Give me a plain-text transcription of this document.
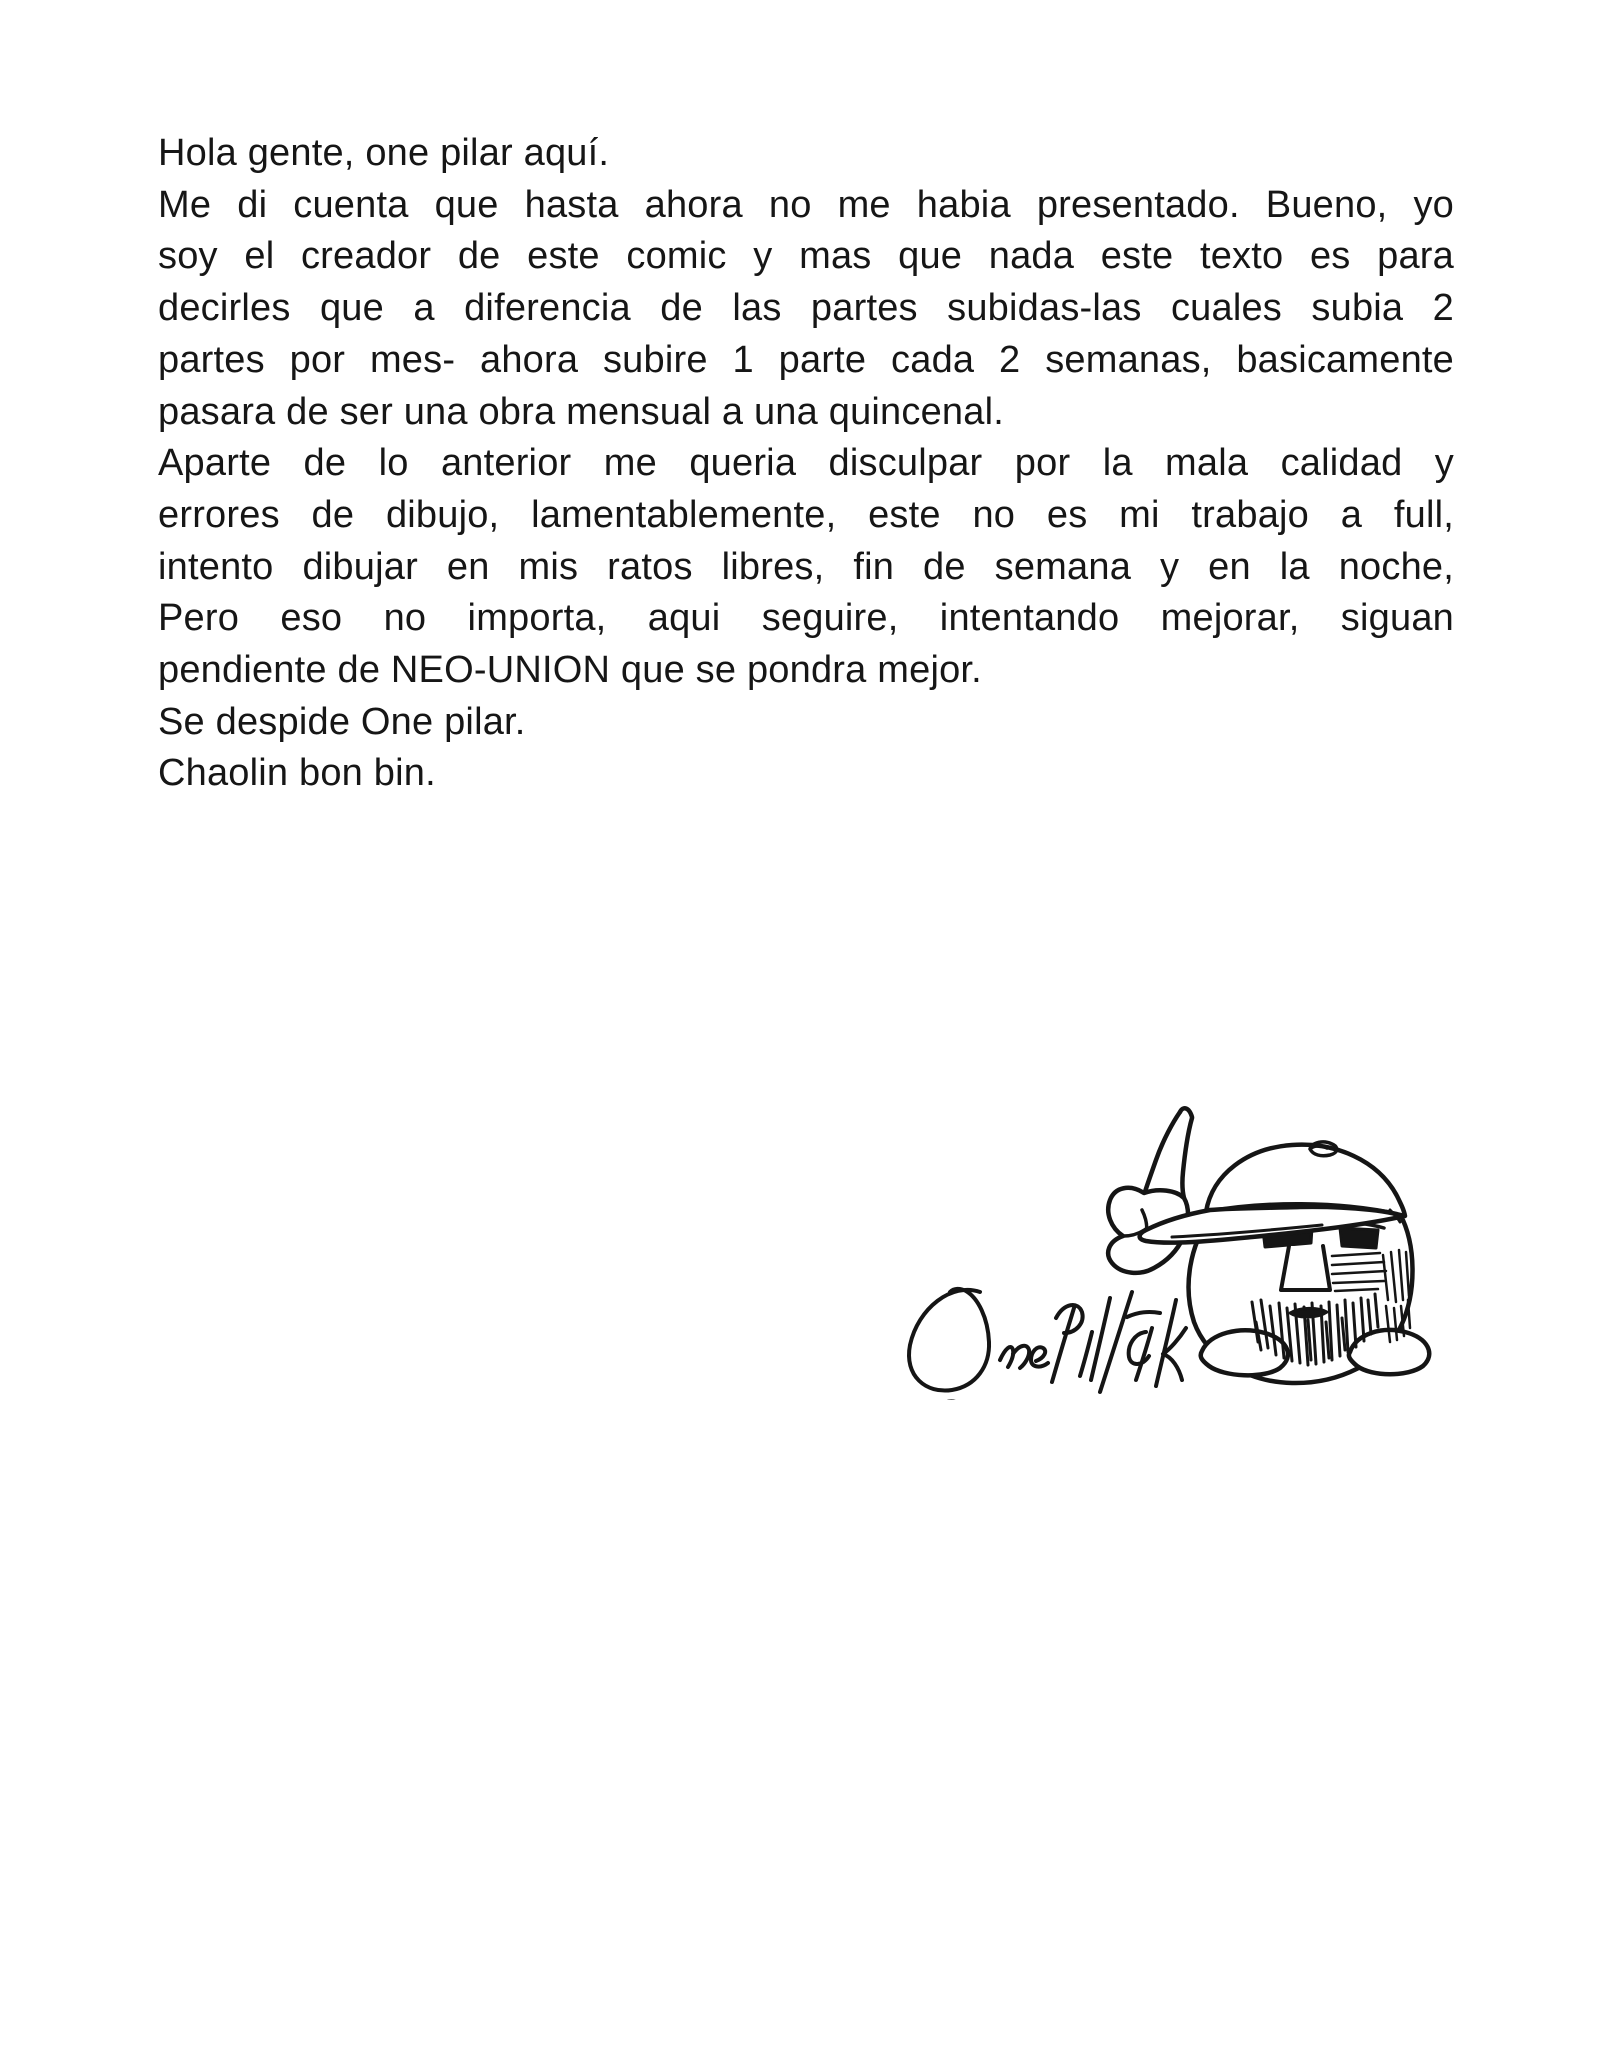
Hola gente, one pilar aquí.
Me di cuenta que hasta ahora no me habia presentado. Bueno, yo
soy el creador de este comic y mas que nada este texto es para
decirles que a diferencia de las partes subidas-las cuales subia 2
partes por mes- ahora subire 1 parte cada 2 semanas, basicamente
pasara de ser una obra mensual a una quincenal.
Aparte de lo anterior me queria disculpar por la mala calidad y
errores de dibujo, lamentablemente, este no es mi trabajo a full,
intento dibujar en mis ratos libres, fin de semana y en la noche,
Pero eso no importa, aqui seguire, intentando mejorar, siguan
pendiente de NEO-UNION que se pondra mejor.
Se despide One pilar.
Chaolin bon bin.
